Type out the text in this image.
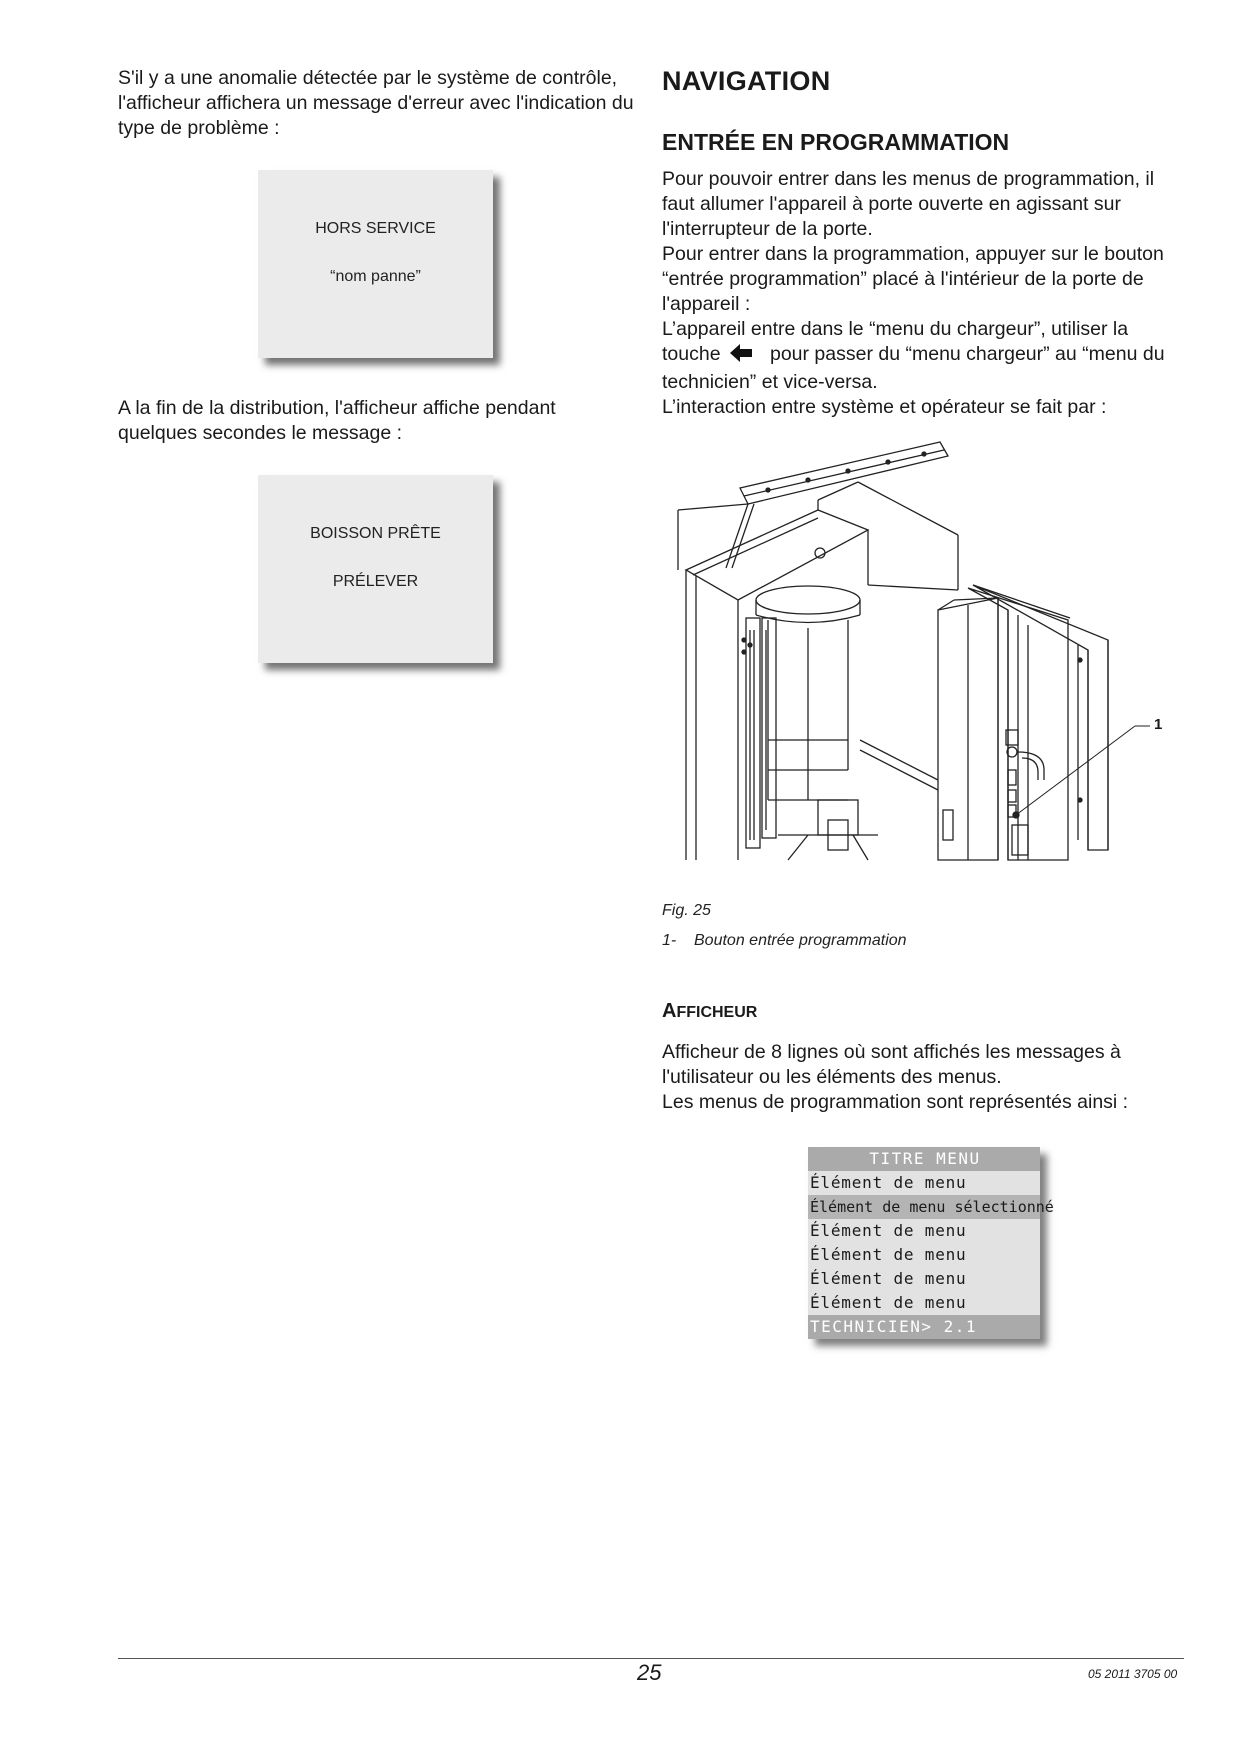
S'il y a une anomalie détectée par le système de contrôle, l'afficheur affichera un message d'erreur avec l'indication du type de problème :

HORS SERVICE
“nom panne”

A la fin de la distribution, l'afficheur affiche pendant quelques secondes le message :

BOISSON PRÊTE
PRÉLEVER
NAVIGATION
ENTRÉE EN PROGRAMMATION

Pour pouvoir entrer dans les menus de programmation, il faut allumer l'appareil à porte ouverte en agissant sur l'interrupteur de la porte.

Pour entrer dans la programmation, appuyer sur le bouton “entrée programmation” placé à l'intérieur de la porte de l'appareil :

L’appareil entre dans le “menu du chargeur”, utiliser la touche	pour passer du “menu chargeur” au “menu du technicien” et vice-versa.

L’interaction entre système et opérateur se fait par :

1
Fig. 25
1-    Bouton entrée programmation
AFFICHEUR

Afficheur de 8 lignes où sont affichés les messages à l'utilisateur ou les éléments des menus.

Les menus de programmation sont représentés ainsi :

TITRE MENU
Élément de menu
Élément de menu sélectionné
Élément de menu
Élément de menu
Élément de menu
Élément de menu
TECHNICIEN> 2.1
25	05 2011 3705 00
